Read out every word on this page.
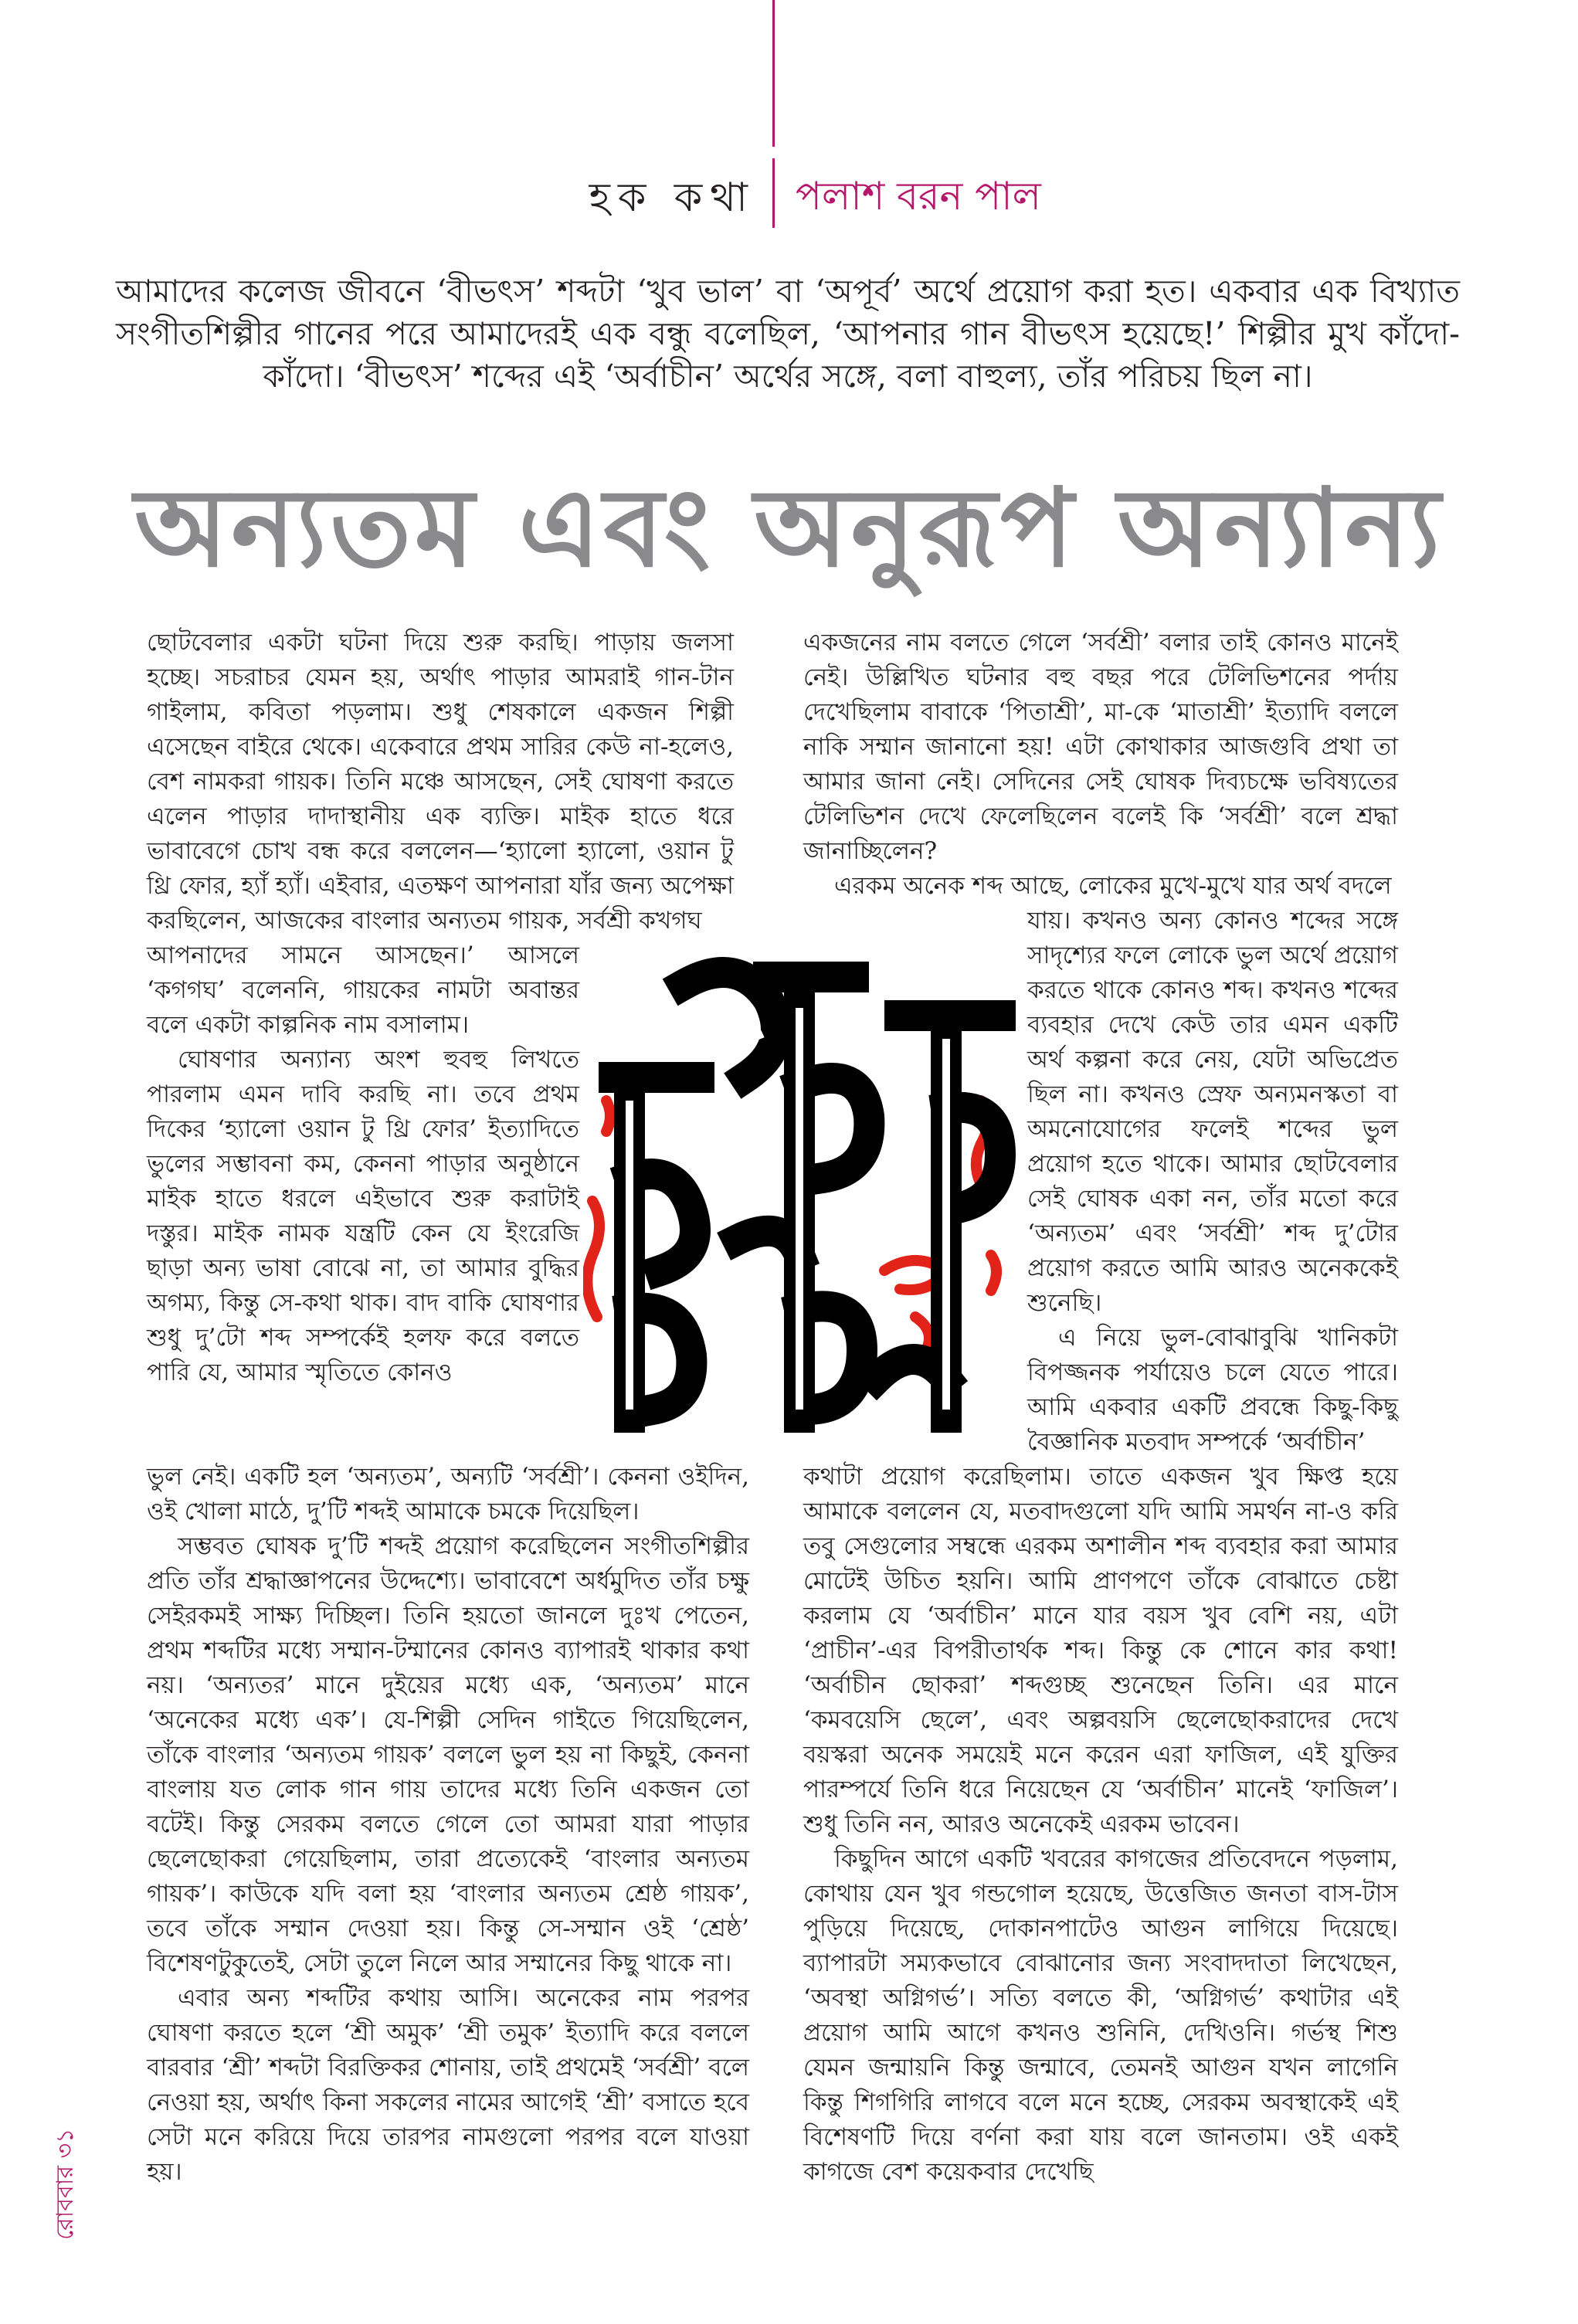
হক কথা পলাশ বরন পাল
আমাদের কলেজ জীবনে ‘বীভৎস’ শব্দটা ‘খুব ভাল’ বা ‘অপূর্ব’ অর্থে প্রয়োগ করা হত। একবার এক বিখ্যাত সংগীতশিল্পীর গানের পরে আমাদেরই এক বন্ধু বলেছিল, ‘আপনার গান বীভৎস হয়েছে!’ শিল্পীর মুখ কাঁদো-কাঁদো। ‘বীভৎস’ শব্দের এই ‘অর্বাচীন’ অর্থের সঙ্গে, বলা বাহুল্য, তাঁর পরিচয় ছিল না।
অন্যতম এবং অনুরূপ অন্যান্য

ছোটবেলার একটা ঘটনা দিয়ে শুরু করছি। পাড়ায় জলসা হচ্ছে। সচরাচর যেমন হয়, অর্থাৎ পাড়ার আমরাই গান-টান গাইলাম, কবিতা পড়লাম। শুধু শেষকালে একজন শিল্পী এসেছেন বাইরে থেকে। একেবারে প্রথম সারির কেউ না-হলেও, বেশ নামকরা গায়ক। তিনি মঞ্চে আসছেন, সেই ঘোষণা করতে এলেন পাড়ার দাদাস্থানীয় এক ব্যক্তি। মাইক হাতে ধরে ভাবাবেগে চোখ বন্ধ করে বললেন—‘হ্যালো হ্যালো, ওয়ান টু থ্রি ফোর, হ্যাঁ হ্যাঁ। এইবার, এতক্ষণ আপনারা যাঁর জন্য অপেক্ষা করছিলেন, আজকের বাংলার অন্যতম গায়ক, সর্বশ্রী কখগঘ

আপনাদের সামনে আসছেন।’ আসলে ‘কগগঘ’ বলেননি, গায়কের নামটা অবান্তর বলে একটা কাল্পনিক নাম বসালাম।

ঘোষণার অন্যান্য অংশ হুবহু লিখতে পারলাম এমন দাবি করছি না। তবে প্রথম দিকের ‘হ্যালো ওয়ান টু থ্রি ফোর’ ইত্যাদিতে ভুলের সম্ভাবনা কম, কেননা পাড়ার অনুষ্ঠানে মাইক হাতে ধরলে এইভাবে শুরু করাটাই দস্তুর। মাইক নামক যন্ত্রটি কেন যে ইংরেজি ছাড়া অন্য ভাষা বোঝে না, তা আমার বুদ্ধির অগম্য, কিন্তু সে-কথা থাক। বাদ বাকি ঘোষণার শুধু দু’টো শব্দ সম্পর্কেই হলফ করে বলতে পারি যে, আমার স্মৃতিতে কোনও

ভুল নেই। একটি হল ‘অন্যতম’, অন্যটি ‘সর্বশ্রী’। কেননা ওইদিন, ওই খোলা মাঠে, দু’টি শব্দই আমাকে চমকে দিয়েছিল।

সম্ভবত ঘোষক দু’টি শব্দই প্রয়োগ করেছিলেন সংগীতশিল্পীর প্রতি তাঁর শ্রদ্ধাজ্ঞাপনের উদ্দেশ্যে। ভাবাবেশে অর্ধমুদিত তাঁর চক্ষু সেইরকমই সাক্ষ্য দিচ্ছিল। তিনি হয়তো জানলে দুঃখ পেতেন, প্রথম শব্দটির মধ্যে সম্মান-টম্মানের কোনও ব্যাপারই থাকার কথা নয়। ‘অন্যতর’ মানে দুইয়ের মধ্যে এক, ‘অন্যতম’ মানে ‘অনেকের মধ্যে এক’। যে-শিল্পী সেদিন গাইতে গিয়েছিলেন, তাঁকে বাংলার ‘অন্যতম গায়ক’ বললে ভুল হয় না কিছুই, কেননা বাংলায় যত লোক গান গায় তাদের মধ্যে তিনি একজন তো বটেই। কিন্তু সেরকম বলতে গেলে তো আমরা যারা পাড়ার ছেলেছোকরা গেয়েছিলাম, তারা প্রত্যেকেই ‘বাংলার অন্যতম গায়ক’। কাউকে যদি বলা হয় ‘বাংলার অন্যতম শ্রেষ্ঠ গায়ক’, তবে তাঁকে সম্মান দেওয়া হয়। কিন্তু সে-সম্মান ওই ‘শ্রেষ্ঠ’ বিশেষণটুকুতেই, সেটা তুলে নিলে আর সম্মানের কিছু থাকে না।

এবার অন্য শব্দটির কথায় আসি। অনেকের নাম পরপর ঘোষণা করতে হলে ‘শ্রী অমুক’ ‘শ্রী তমুক’ ইত্যাদি করে বললে বারবার ‘শ্রী’ শব্দটা বিরক্তিকর শোনায়, তাই প্রথমেই ‘সর্বশ্রী’ বলে নেওয়া হয়, অর্থাৎ কিনা সকলের নামের আগেই ‘শ্রী’ বসাতে হবে সেটা মনে করিয়ে দিয়ে তারপর নামগুলো পরপর বলে যাওয়া হয়।

একজনের নাম বলতে গেলে ‘সর্বশ্রী’ বলার তাই কোনও মানেই নেই। উল্লিখিত ঘটনার বহু বছর পরে টেলিভিশনের পর্দায় দেখেছিলাম বাবাকে ‘পিতাশ্রী’, মা-কে ‘মাতাশ্রী’ ইত্যাদি বললে নাকি সম্মান জানানো হয়! এটা কোথাকার আজগুবি প্রথা তা আমার জানা নেই। সেদিনের সেই ঘোষক দিব্যচক্ষে ভবিষ্যতের টেলিভিশন দেখে ফেলেছিলেন বলেই কি ‘সর্বশ্রী’ বলে শ্রদ্ধা জানাচ্ছিলেন?

এরকম অনেক শব্দ আছে, লোকের মুখে-মুখে যার অর্থ বদলে

যায়। কখনও অন্য কোনও শব্দের সঙ্গে সাদৃশ্যের ফলে লোকে ভুল অর্থে প্রয়োগ করতে থাকে কোনও শব্দ। কখনও শব্দের ব্যবহার দেখে কেউ তার এমন একটি অর্থ কল্পনা করে নেয়, যেটা অভিপ্রেত ছিল না। কখনও স্রেফ অন্যমনস্কতা বা অমনোযোগের ফলেই শব্দের ভুল প্রয়োগ হতে থাকে। আমার ছোটবেলার সেই ঘোষক একা নন, তাঁর মতো করে ‘অন্যতম’ এবং ‘সর্বশ্রী’ শব্দ দু’টোর প্রয়োগ করতে আমি আরও অনেককেই শুনেছি।

এ নিয়ে ভুল-বোঝাবুঝি খানিকটা বিপজ্জনক পর্যায়েও চলে যেতে পারে। আমি একবার একটি প্রবন্ধে কিছু-কিছু বৈজ্ঞানিক মতবাদ সম্পর্কে ‘অর্বাচীন’

কথাটা প্রয়োগ করেছিলাম। তাতে একজন খুব ক্ষিপ্ত হয়ে আমাকে বললেন যে, মতবাদগুলো যদি আমি সমর্থন না-ও করি তবু সেগুলোর সম্বন্ধে এরকম অশালীন শব্দ ব্যবহার করা আমার মোটেই উচিত হয়নি। আমি প্রাণপণে তাঁকে বোঝাতে চেষ্টা করলাম যে ‘অর্বাচীন’ মানে যার বয়স খুব বেশি নয়, এটা ‘প্রাচীন’-এর বিপরীতার্থক শব্দ। কিন্তু কে শোনে কার কথা! ‘অর্বাচীন ছোকরা’ শব্দগুচ্ছ শুনেছেন তিনি। এর মানে ‘কমবয়েসি ছেলে’, এবং অল্পবয়সি ছেলেছোকরাদের দেখে বয়স্করা অনেক সময়েই মনে করেন এরা ফাজিল, এই যুক্তির পারম্পর্যে তিনি ধরে নিয়েছেন যে ‘অর্বাচীন’ মানেই ‘ফাজিল’। শুধু তিনি নন, আরও অনেকেই এরকম ভাবেন।

কিছুদিন আগে একটি খবরের কাগজের প্রতিবেদনে পড়লাম, কোথায় যেন খুব গন্ডগোল হয়েছে, উত্তেজিত জনতা বাস-টাস পুড়িয়ে দিয়েছে, দোকানপাটেও আগুন লাগিয়ে দিয়েছে। ব্যাপারটা সম্যকভাবে বোঝানোর জন্য সংবাদদাতা লিখেছেন, ‘অবস্থা অগ্নিগর্ভ’। সত্যি বলতে কী, ‘অগ্নিগর্ভ’ কথাটার এই প্রয়োগ আমি আগে কখনও শুনিনি, দেখিওনি। গর্ভস্থ শিশু যেমন জন্মায়নি কিন্তু জন্মাবে, তেমনই আগুন যখন লাগেনি কিন্তু শিগগিরি লাগবে বলে মনে হচ্ছে, সেরকম অবস্থাকেই এই বিশেষণটি দিয়ে বর্ণনা করা যায় বলে জানতাম। ওই একই কাগজে বেশ কয়েকবার দেখেছি

রোববার ৩১
